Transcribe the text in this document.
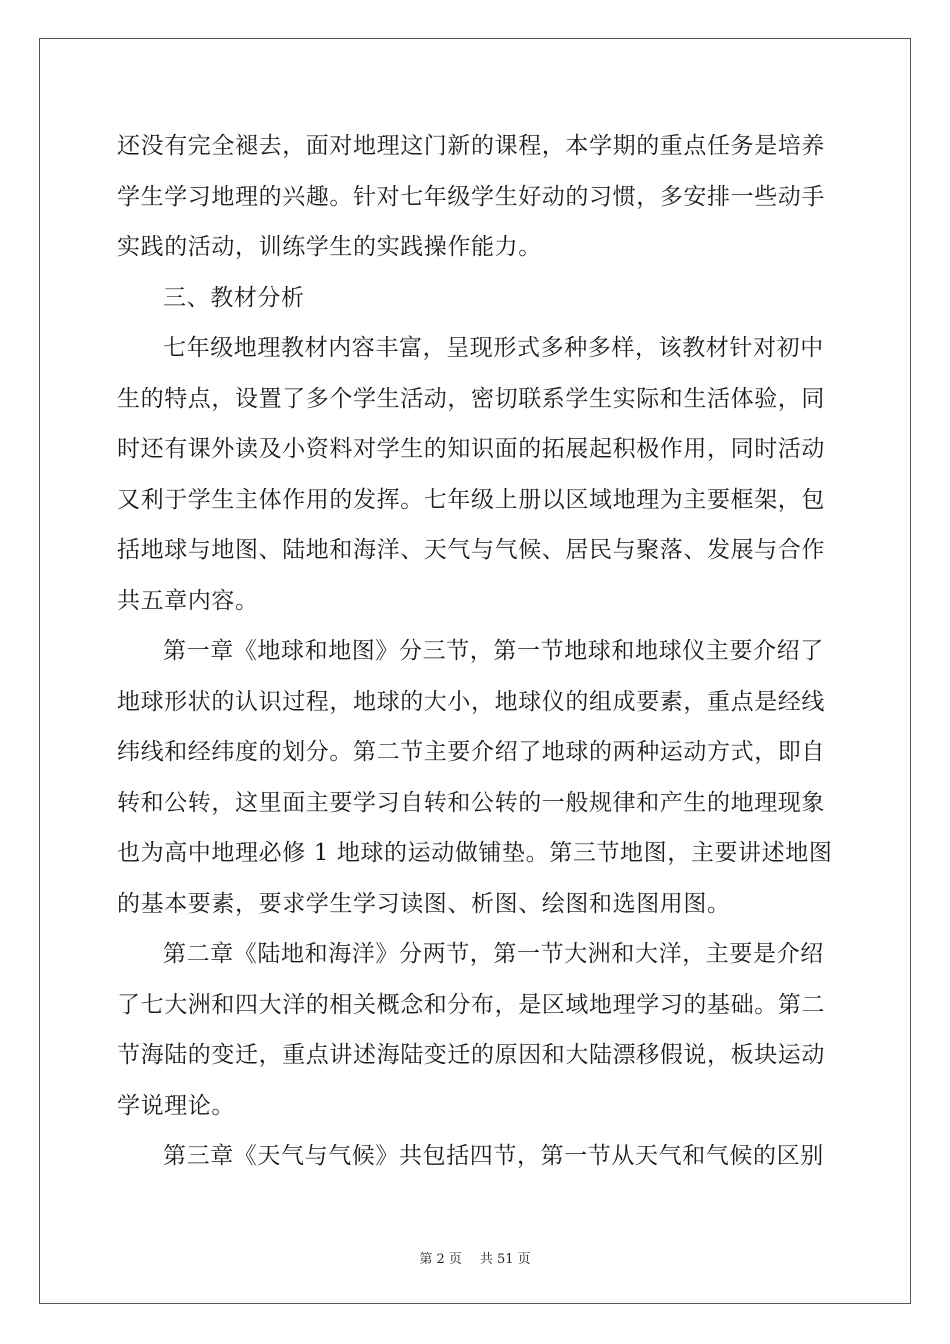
还没有完全褪去，面对地理这门新的课程，本学期的重点任务是培养
学生学习地理的兴趣。针对七年级学生好动的习惯，多安排一些动手
实践的活动，训练学生的实践操作能力。
三、教材分析
七年级地理教材内容丰富，呈现形式多种多样，该教材针对初中
生的特点，设置了多个学生活动，密切联系学生实际和生活体验，同
时还有课外读及小资料对学生的知识面的拓展起积极作用，同时活动
又利于学生主体作用的发挥。七年级上册以区域地理为主要框架，包
括地球与地图、陆地和海洋、天气与气候、居民与聚落、发展与合作
共五章内容。
第一章《地球和地图》分三节，第一节地球和地球仪主要介绍了
地球形状的认识过程，地球的大小，地球仪的组成要素，重点是经线
纬线和经纬度的划分。第二节主要介绍了地球的两种运动方式，即自
转和公转，这里面主要学习自转和公转的一般规律和产生的地理现象
也为高中地理必修 1 地球的运动做铺垫。第三节地图，主要讲述地图
的基本要素，要求学生学习读图、析图、绘图和选图用图。
第二章《陆地和海洋》分两节，第一节大洲和大洋，主要是介绍
了七大洲和四大洋的相关概念和分布，是区域地理学习的基础。第二
节海陆的变迁，重点讲述海陆变迁的原因和大陆漂移假说，板块运动
学说理论。
第三章《天气与气候》共包括四节，第一节从天气和气候的区别
第 2 页 共 51 页
